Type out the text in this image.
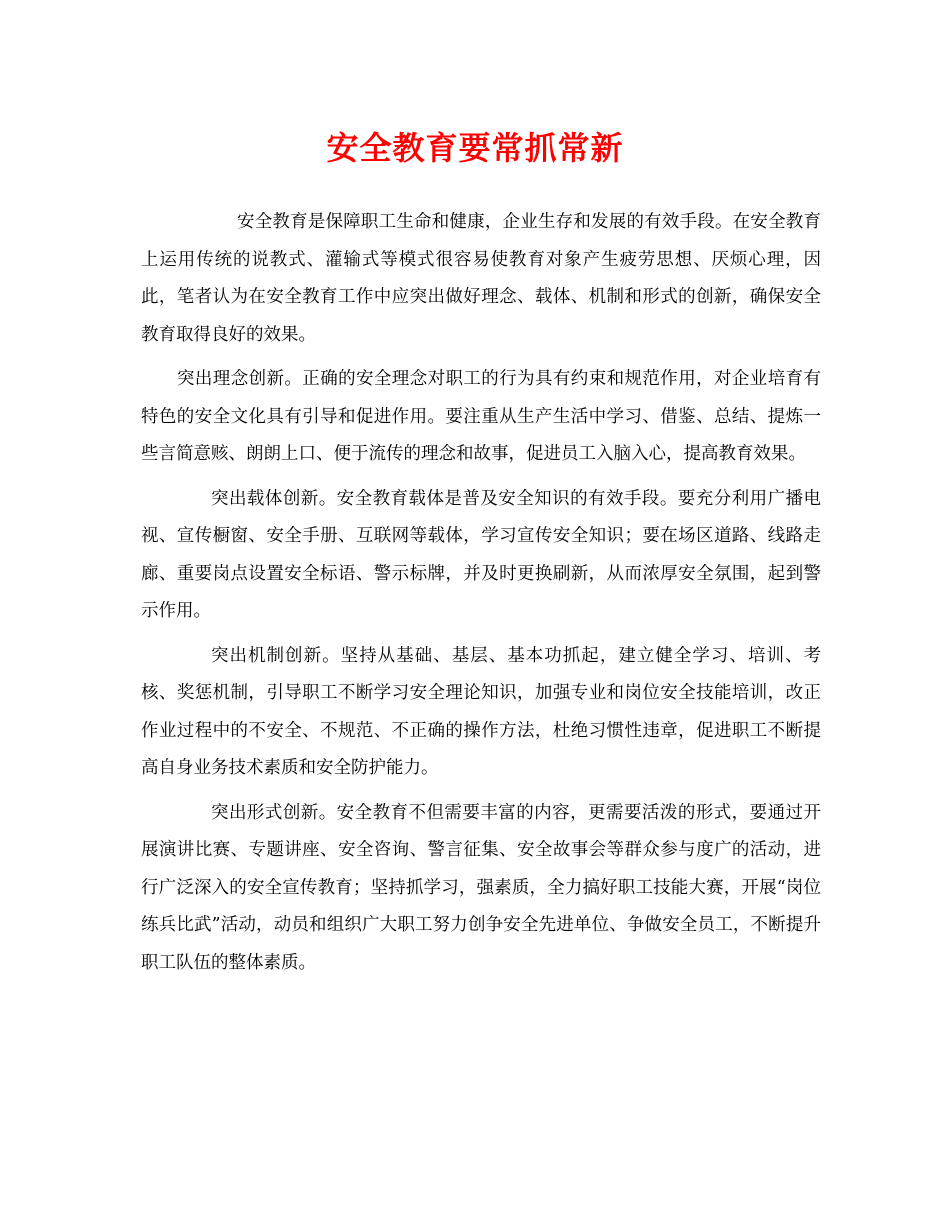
安全教育要常抓常新

安全教育是保障职工生命和健康，企业生存和发展的有效手段。在安全教育上运用传统的说教式、灌输式等模式很容易使教育对象产生疲劳思想、厌烦心理，因此，笔者认为在安全教育工作中应突出做好理念、载体、机制和形式的创新，确保安全教育取得良好的效果。

突出理念创新。正确的安全理念对职工的行为具有约束和规范作用，对企业培育有特色的安全文化具有引导和促进作用。要注重从生产生活中学习、借鉴、总结、提炼一些言简意赅、朗朗上口、便于流传的理念和故事，促进员工入脑入心，提高教育效果。

突出载体创新。安全教育载体是普及安全知识的有效手段。要充分利用广播电视、宣传橱窗、安全手册、互联网等载体，学习宣传安全知识；要在场区道路、线路走廊、重要岗点设置安全标语、警示标牌，并及时更换刷新，从而浓厚安全氛围，起到警示作用。

突出机制创新。坚持从基础、基层、基本功抓起，建立健全学习、培训、考核、奖惩机制，引导职工不断学习安全理论知识，加强专业和岗位安全技能培训，改正作业过程中的不安全、不规范、不正确的操作方法，杜绝习惯性违章，促进职工不断提高自身业务技术素质和安全防护能力。

突出形式创新。安全教育不但需要丰富的内容，更需要活泼的形式，要通过开展演讲比赛、专题讲座、安全咨询、警言征集、安全故事会等群众参与度广的活动，进行广泛深入的安全宣传教育；坚持抓学习，强素质，全力搞好职工技能大赛，开展“岗位练兵比武”活动，动员和组织广大职工努力创争安全先进单位、争做安全员工，不断提升职工队伍的整体素质。
